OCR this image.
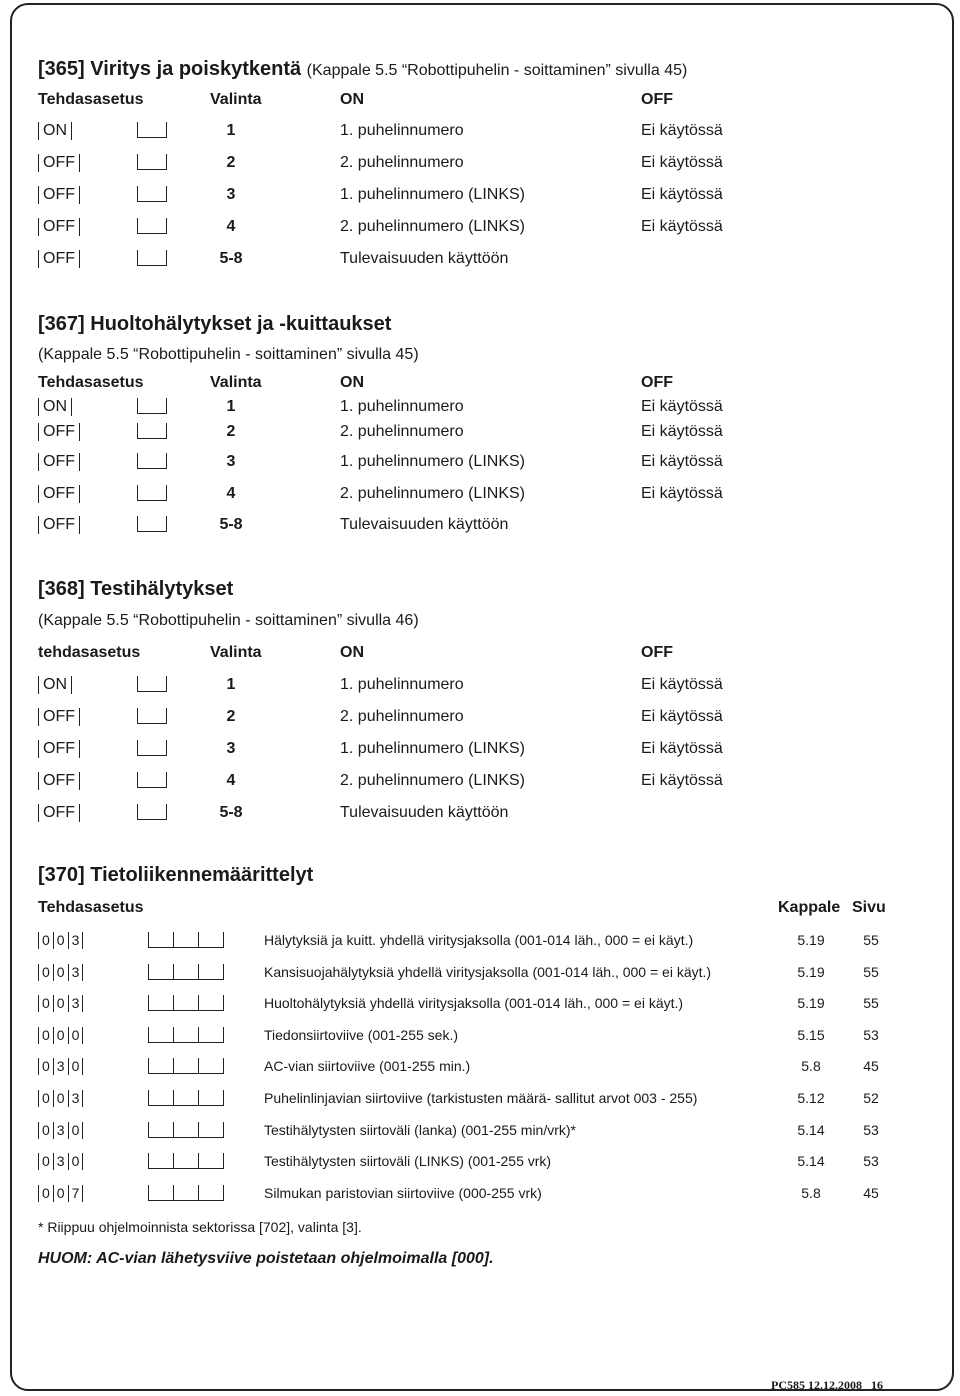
[365] Viritys ja poiskytkentä (Kappale 5.5 “Robottipuhelin - soittaminen” sivulla 45)
Tehdasasetus	Valinta	ON	OFF
ON	1	1. puhelinnumero	Ei käytössä
OFF	2	2. puhelinnumero	Ei käytössä
OFF	3	1. puhelinnumero (LINKS)	Ei käytössä
OFF	4	2. puhelinnumero (LINKS)	Ei käytössä
OFF	5-8	Tulevaisuuden käyttöön
[367] Huoltohälytykset ja -kuittaukset
(Kappale 5.5 “Robottipuhelin - soittaminen” sivulla 45)
Tehdasasetus	Valinta	ON	OFF
ON	1	1. puhelinnumero	Ei käytössä
OFF	2	2. puhelinnumero	Ei käytössä
OFF	3	1. puhelinnumero (LINKS)	Ei käytössä
OFF	4	2. puhelinnumero (LINKS)	Ei käytössä
OFF	5-8	Tulevaisuuden käyttöön
[368] Testihälytykset
(Kappale 5.5 “Robottipuhelin - soittaminen” sivulla 46)
tehdasasetus	Valinta	ON	OFF
ON	1	1. puhelinnumero	Ei käytössä
OFF	2	2. puhelinnumero	Ei käytössä
OFF	3	1. puhelinnumero (LINKS)	Ei käytössä
OFF	4	2. puhelinnumero (LINKS)	Ei käytössä
OFF	5-8	Tulevaisuuden käyttöön
[370] Tietoliikennemäärittelyt
Tehdasasetus	Kappale Sivu
0 0 3	Hälytyksiä ja kuitt. yhdellä viritysjaksolla (001-014 läh., 000 = ei käyt.)	5.19	55
0 0 3	Kansisuojahälytyksiä yhdellä viritysjaksolla (001-014 läh., 000 = ei käyt.)	5.19	55
0 0 3	Huoltohälytyksiä yhdellä viritysjaksolla (001-014 läh., 000 = ei käyt.)	5.19	55
0 0 0	Tiedonsiirtoviive (001-255 sek.)	5.15	53
0 3 0	AC-vian siirtoviive (001-255 min.)	5.8	45
0 0 3	Puhelinlinjavian siirtoviive (tarkistusten määrä- sallitut arvot 003 - 255)	5.12	52
0 3 0	Testihälytysten siirtoväli (lanka) (001-255 min/vrk)*	5.14	53
0 3 0	Testihälytysten siirtoväli (LINKS) (001-255 vrk)	5.14	53
0 0 7	Silmukan paristovian siirtoviive (000-255 vrk)	5.8	45
* Riippuu ohjelmoinnista sektorissa [702], valinta [3].
HUOM: AC-vian lähetysviive poistetaan ohjelmoimalla [000].
PC585 12.12.2008 16
